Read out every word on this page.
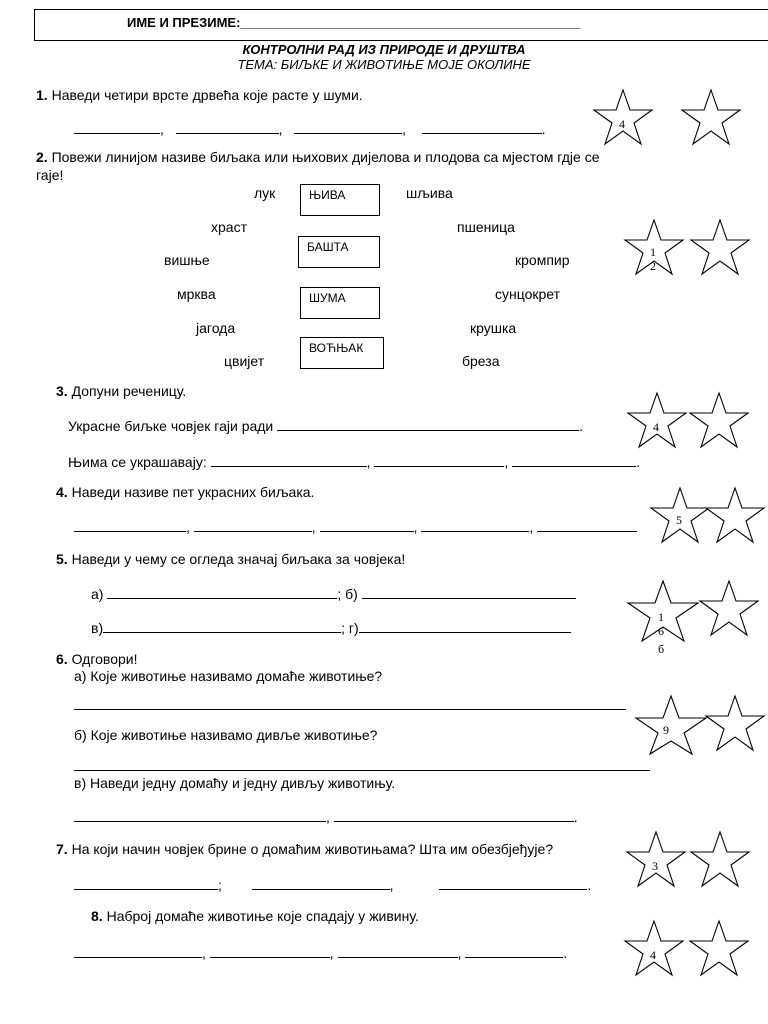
ИМЕ И ПРЕЗИМЕ:_______________________________________________
КОНТРОЛНИ РАД ИЗ ПРИРОДЕ И ДРУШТВА
ТЕМА: БИЉКЕ И ЖИВОТИЊЕ МОЈЕ ОКОЛИНЕ
1. Наведи четири врсте дрвећа које расте у шуми.
,	,	,	.	4
2. Повежи линијом називе биљака или њихових дијелова и плодова са мјестом гдје се
гаје!
ЊИВА
БАШТА
ШУМА
ВОЋЊАК
лук
храст
вишње
мрква
јагода
цвијет
шљива
пшеница
кромпир
сунцокрет
крушка
бреза
1
2
3. Допуни реченицу.
Украсне биљке човјек гаји ради	.
Њима се украшавају:	,	,	.
4
4. Наведи називе пет украсних биљака.
,	,	,	,	5
5. Наведи у чему се огледа значај биљака за човјека!
а)	; б)
в)	; г)
1
6
б
6. Одговори!
а) Које животиње називамо домаће животиње?
б) Које животиње називамо дивље животиње?
в) Наведи једну домаћу и једну дивљу животињу.
,	.
9
7. На који начин човјек брине о домаћим животињама? Шта им обезбјеђује?
;	,	.
3
8. Наброј домаће животиње које спадају у живину.
,	,	,	.	4
